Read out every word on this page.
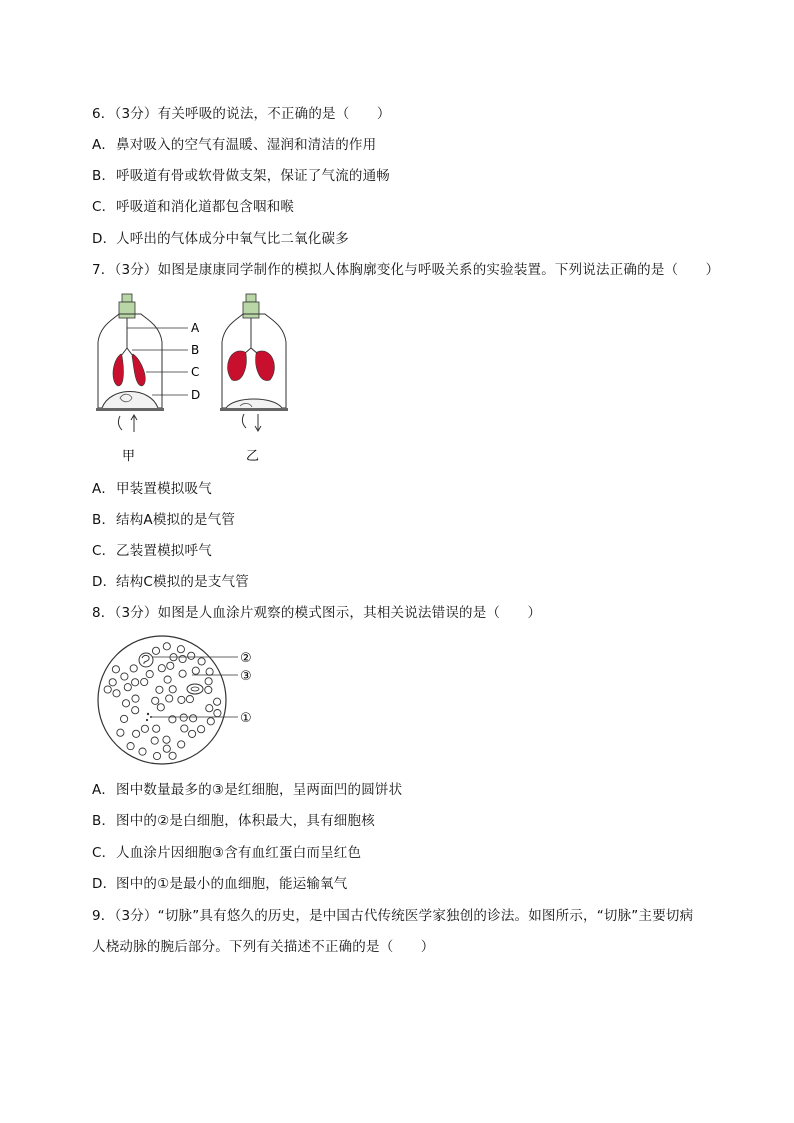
6．（3分）有关呼吸的说法，不正确的是（　　）
A．鼻对吸入的空气有温暖、湿润和清洁的作用
B．呼吸道有骨或软骨做支架，保证了气流的通畅
C．呼吸道和消化道都包含咽和喉
D．人呼出的气体成分中氧气比二氧化碳多
7．（3分）如图是康康同学制作的模拟人体胸廓变化与呼吸关系的实验装置。下列说法正确的是（　　）
A
B
C
D
甲	乙
A．甲装置模拟吸气
B．结构A模拟的是气管
C．乙装置模拟呼气
D．结构C模拟的是支气管
8．（3分）如图是人血涂片观察的模式图示，其相关说法错误的是（　　）
②
③
①
A．图中数量最多的③是红细胞，呈两面凹的圆饼状
B．图中的②是白细胞，体积最大，具有细胞核
C．人血涂片因细胞③含有血红蛋白而呈红色
D．图中的①是最小的血细胞，能运输氧气
9．（3分）“切脉”具有悠久的历史，是中国古代传统医学家独创的诊法。如图所示，“切脉”主要切病
人桡动脉的腕后部分。下列有关描述不正确的是（　　）
